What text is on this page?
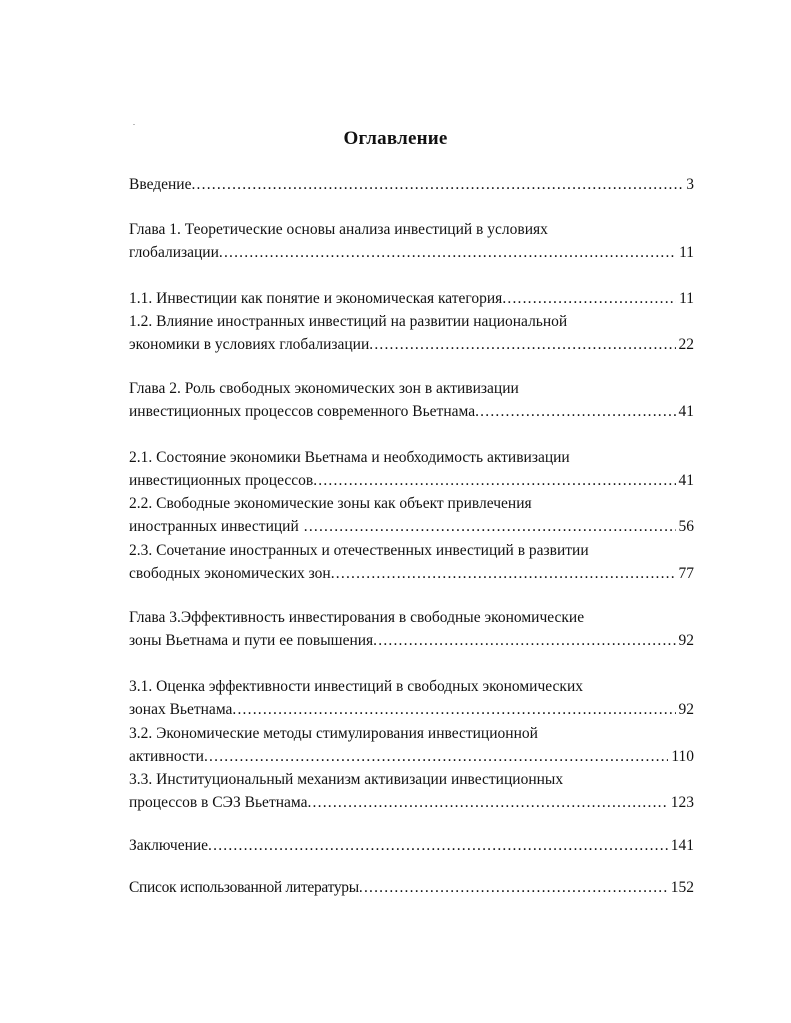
Оглавление
Введение .....	3
Глава 1. Теоретические основы анализа инвестиций в условиях
глобализации .....	11
1.1. Инвестиции как понятие и экономическая категория .....	11
1.2. Влияние иностранных инвестиций на развитии национальной
экономики в условиях глобализации .....	22
Глава 2. Роль свободных экономических зон в активизации
инвестиционных процессов современного Вьетнама .....	41
2.1. Состояние экономики Вьетнама и необходимость активизации
инвестиционных процессов .....	41
2.2. Свободные экономические зоны как объект привлечения
иностранных инвестиций .....	56
2.3. Сочетание иностранных и отечественных инвестиций в развитии
свободных экономических зон .....	77
Глава 3.Эффективность инвестирования в свободные экономические
зоны Вьетнама и пути ее повышения .....	92
3.1. Оценка эффективности инвестиций в свободных экономических
зонах Вьетнама .....	92
3.2. Экономические методы стимулирования инвестиционной
активности .....	110
3.3. Институциональный механизм активизации инвестиционных
процессов в СЭЗ Вьетнама .....	123
Заключение .....	141
Список использованной литературы .....	152
